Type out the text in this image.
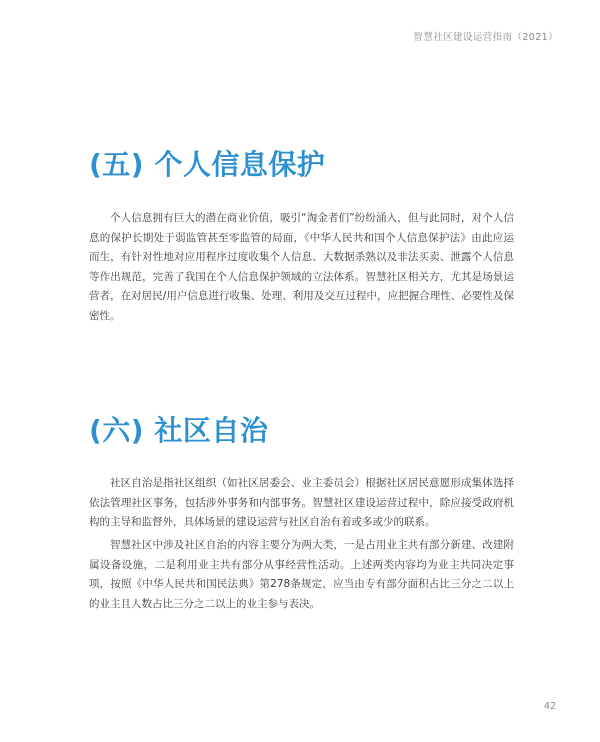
智慧社区建设运营指南（2021）
(五) 个人信息保护

个人信息拥有巨大的潜在商业价值，吸引“淘金者们”纷纷涌入，但与此同时，对个人信息的保护长期处于弱监管甚至零监管的局面，《中华人民共和国个人信息保护法》由此应运而生，有针对性地对应用程序过度收集个人信息、大数据杀熟以及非法买卖、泄露个人信息等作出规范，完善了我国在个人信息保护领域的立法体系。智慧社区相关方，尤其是场景运营者，在对居民/用户信息进行收集、处理、利用及交互过程中，应把握合理性、必要性及保密性。

(六) 社区自治

社区自治是指社区组织（如社区居委会、业主委员会）根据社区居民意愿形成集体选择依法管理社区事务，包括涉外事务和内部事务。智慧社区建设运营过程中，除应接受政府机构的主导和监督外，具体场景的建设运营与社区自治有着或多或少的联系。

智慧社区中涉及社区自治的内容主要分为两大类，一是占用业主共有部分新建、改建附属设备设施，二是利用业主共有部分从事经营性活动。上述两类内容均为业主共同决定事项，按照《中华人民共和国民法典》第278条规定，应当由专有部分面积占比三分之二以上的业主且人数占比三分之二以上的业主参与表决。

42
